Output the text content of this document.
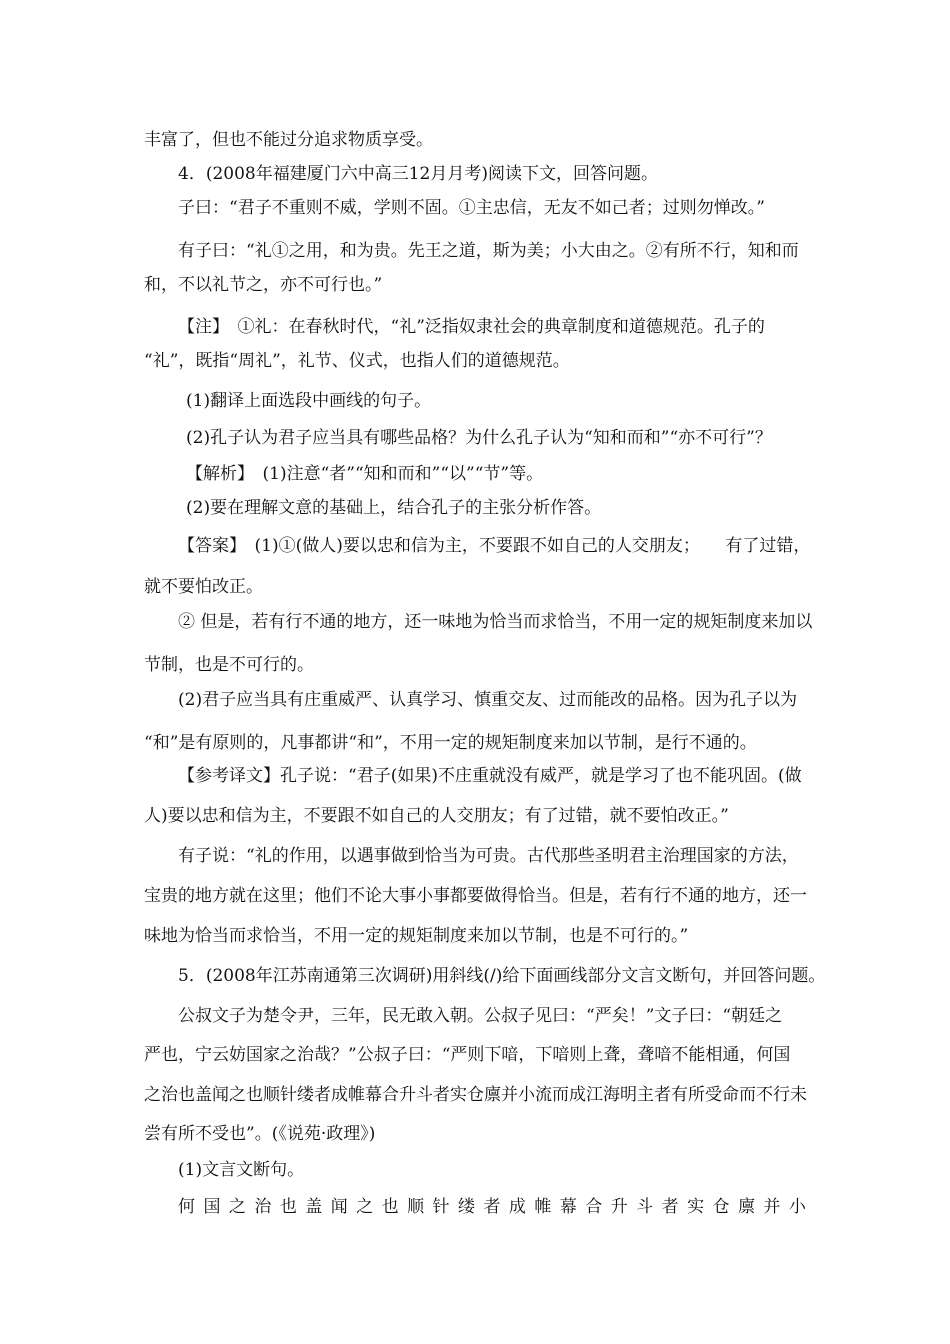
丰富了，但也不能过分追求物质享受。
4．(2008年福建厦门六中高三12月月考)阅读下文，回答问题。
子曰：“君子不重则不威，学则不固。①主忠信，无友不如己者；过则勿惮改。”
有子曰：“礼①之用，和为贵。先王之道，斯为美；小大由之。②有所不行，知和而
和，不以礼节之，亦不可行也。”
【注】　①礼：在春秋时代，“礼”泛指奴隶社会的典章制度和道德规范。孔子的
“礼”，既指“周礼”，礼节、仪式，也指人们的道德规范。
(1)翻译上面选段中画线的句子。
(2)孔子认为君子应当具有哪些品格？为什么孔子认为“知和而和”“亦不可行”？
【解析】　(1)注意“者”“知和而和”“以”“节”等。
(2)要在理解文意的基础上，结合孔子的主张分析作答。
【答案】　(1)①(做人)要以忠和信为主，不要跟不如自己的人交朋友；　　有了过错，
就不要怕改正。
② 但是，若有行不通的地方，还一味地为恰当而求恰当，不用一定的规矩制度来加以
节制，也是不可行的。
(2)君子应当具有庄重威严、认真学习、慎重交友、过而能改的品格。因为孔子以为
“和”是有原则的，凡事都讲“和”，不用一定的规矩制度来加以节制，是行不通的。
【参考译文】孔子说：“君子(如果)不庄重就没有威严，就是学习了也不能巩固。(做
人)要以忠和信为主，不要跟不如自己的人交朋友；有了过错，就不要怕改正。”
有子说：“礼的作用，以遇事做到恰当为可贵。古代那些圣明君主治理国家的方法，
宝贵的地方就在这里；他们不论大事小事都要做得恰当。但是，若有行不通的地方，还一
味地为恰当而求恰当，不用一定的规矩制度来加以节制，也是不可行的。”
5．(2008年江苏南通第三次调研)用斜线(/)给下面画线部分文言文断句，并回答问题。
公叔文子为楚令尹，三年，民无敢入朝。公叔子见曰：“严矣！”文子曰：“朝廷之
严也，宁云妨国家之治哉？”公叔子曰：“严则下喑，下喑则上聋，聋喑不能相通，何国
之治也盖闻之也顺针缕者成帷幕合升斗者实仓廪并小流而成江海明主者有所受命而不行未
尝有所不受也”。(《说苑·政理》)
(1)文言文断句。
何 国 之 治 也 盖 闻 之 也 顺 针 缕 者 成 帷 幕 合 升 斗 者 实 仓 廪 并 小
